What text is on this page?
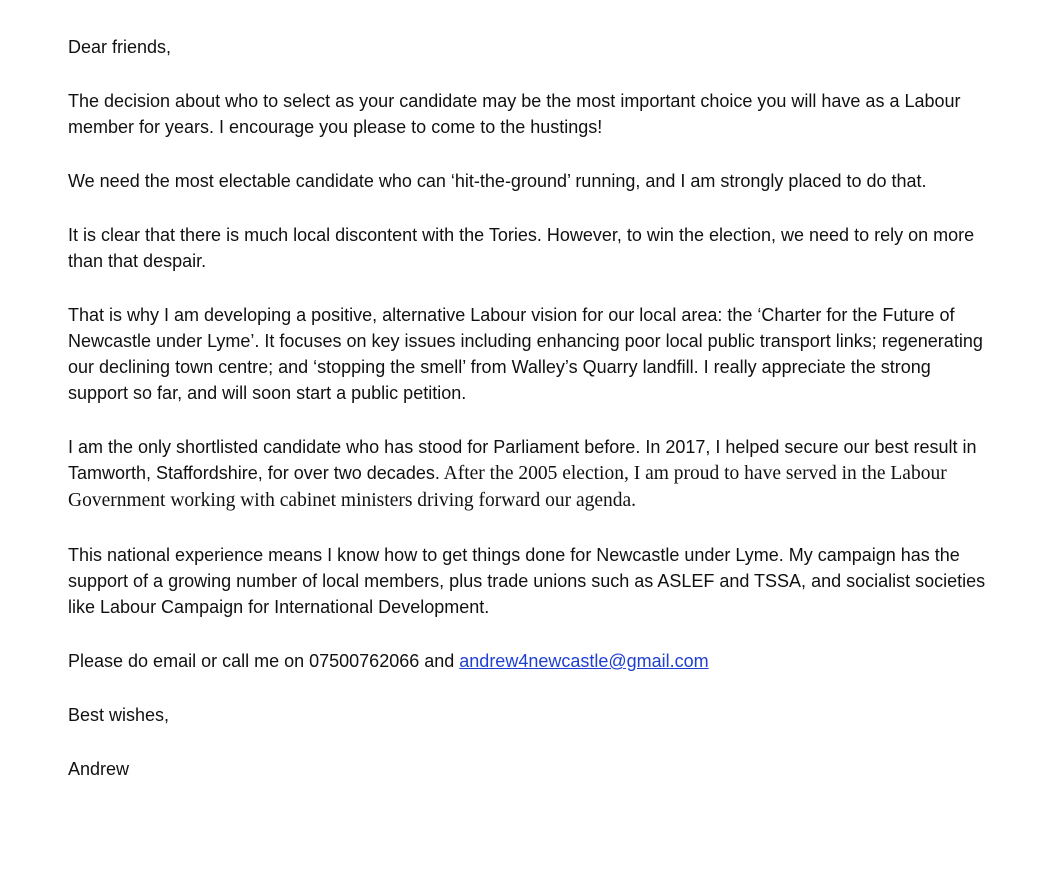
Dear friends,

The decision about who to select as your candidate may be the most important choice you will have as a Labour member for years. I encourage you please to come to the hustings!

We need the most electable candidate who can ‘hit-the-ground’ running, and I am strongly placed to do that.

It is clear that there is much local discontent with the Tories. However, to win the election, we need to rely on more than that despair.

That is why I am developing a positive, alternative Labour vision for our local area: the ‘Charter for the Future of Newcastle under Lyme’. It focuses on key issues including enhancing poor local public transport links; regenerating our declining town centre; and ‘stopping the smell’ from Walley’s Quarry landfill. I really appreciate the strong support so far, and will soon start a public petition.

I am the only shortlisted candidate who has stood for Parliament before. In 2017, I helped secure our best result in Tamworth, Staffordshire, for over two decades. After the 2005 election, I am proud to have served in the Labour Government working with cabinet ministers driving forward our agenda.

This national experience means I know how to get things done for Newcastle under Lyme. My campaign has the support of a growing number of local members, plus trade unions such as ASLEF and TSSA, and socialist societies like Labour Campaign for International Development.

Please do email or call me on 07500762066 and andrew4newcastle@gmail.com

Best wishes,

Andrew
